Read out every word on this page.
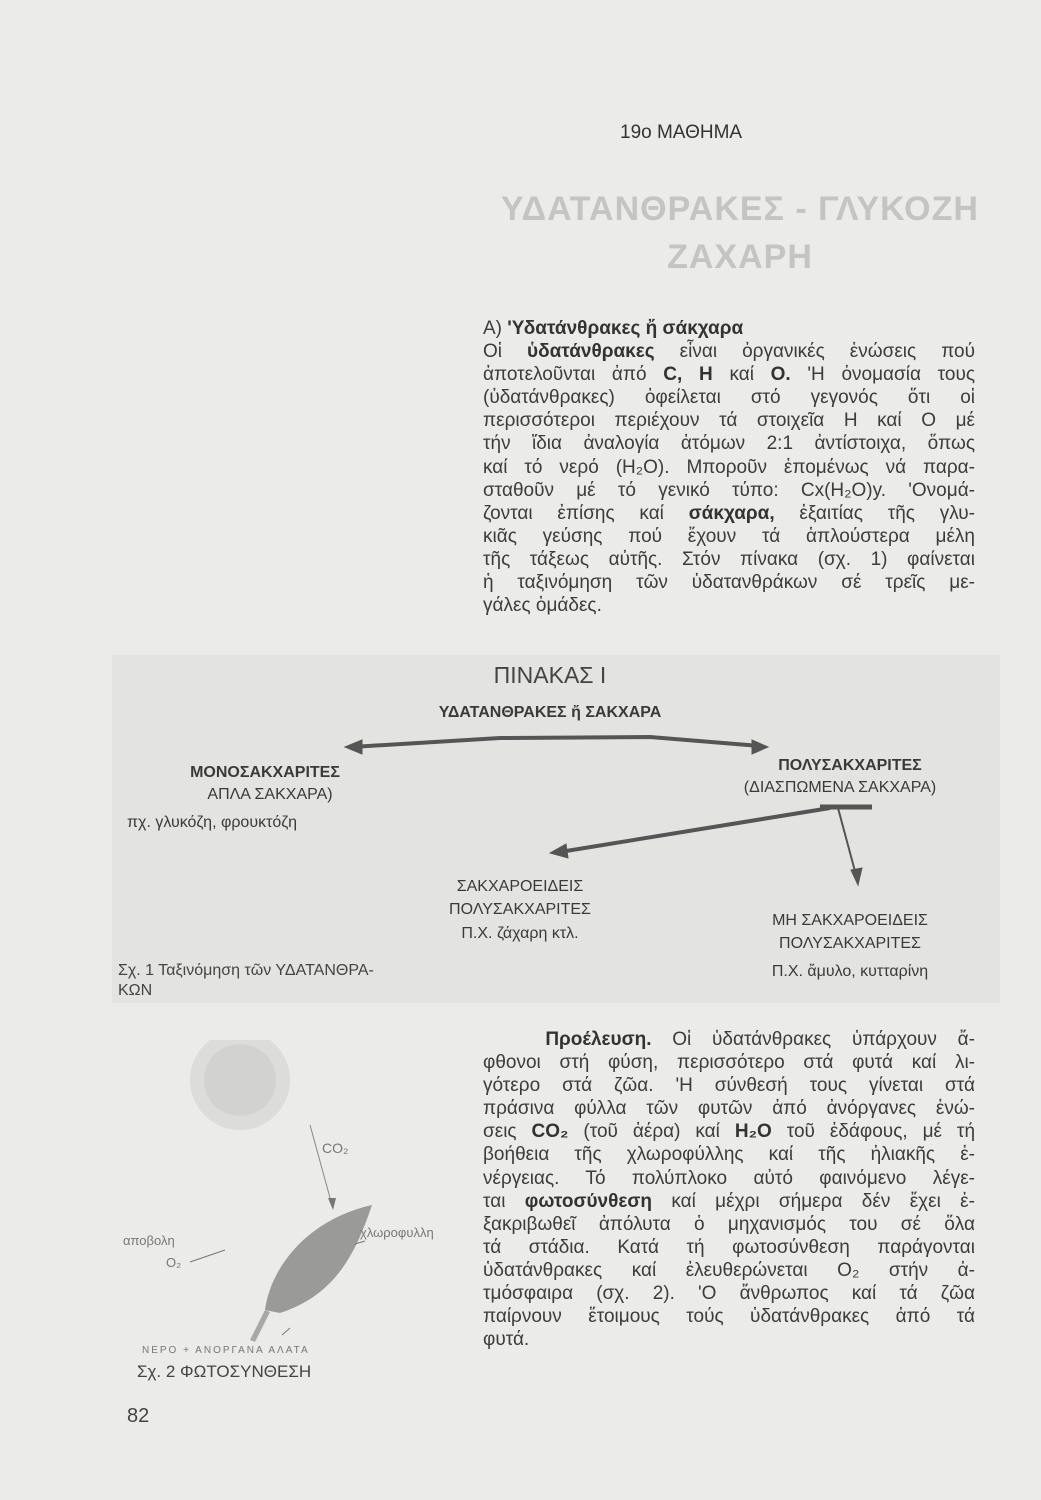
19ο ΜΑΘΗΜΑ
ΥΔΑΤΑΝΘΡΑΚΕΣ - ΓΛΥΚΟΖΗ
ΖΑΧΑΡΗ
Α) 'Υδατάνθρακες ἤ σάκχαρα
Οἱ ὑδατάνθρακες εἶναι ὀργανικές ἑνώσεις πού
ἀποτελοῦνται ἀπό C, H καί O. 'Η ὀνομασία τους
(ὑδατάνθρακες) ὀφείλεται στό γεγονός ὅτι οἱ
περισσότεροι περιέχουν τά στοιχεῖα Η καί Ο μέ
τήν ἴδια ἀναλογία ἀτόμων 2:1 ἀντίστοιχα, ὅπως
καί τό νερό (H₂O). Μποροῦν ἑπομένως νά παρα-
σταθοῦν μέ τό γενικό τύπο: Cx(H₂O)y. 'Ονομά-
ζονται ἐπίσης καί σάκχαρα, ἐξαιτίας τῆς γλυ-
κιᾶς γεύσης πού ἔχουν τά ἁπλούστερα μέλη
τῆς τάξεως αὐτῆς. Στόν πίνακα (σχ. 1) φαίνεται
ἡ ταξινόμηση τῶν ὑδατανθράκων σέ τρεῖς με-
γάλες ὁμάδες.
ΠΙΝΑΚΑΣ Ι
ΥΔΑΤΑΝΘΡΑΚΕΣ ἤ ΣΑΚΧΑΡΑ
ΜΟΝΟΣΑΚΧΑΡΙΤΕΣ
ΑΠΛΑ ΣΑΚΧΑΡΑ)
πχ. γλυκόζη, φρουκτόζη
ΠΟΛΥΣΑΚΧΑΡΙΤΕΣ
(ΔΙΑΣΠΩΜΕΝΑ ΣΑΚΧΑΡΑ)
ΣΑΚΧΑΡΟΕΙΔΕΙΣ
ΠΟΛΥΣΑΚΧΑΡΙΤΕΣ
Π.Χ. ζάχαρη κτλ.
ΜΗ ΣΑΚΧΑΡΟΕΙΔΕΙΣ
ΠΟΛΥΣΑΚΧΑΡΙΤΕΣ
Π.Χ. ἄμυλο, κυτταρίνη
Σχ. 1 Ταξινόμηση τῶν ΥΔΑΤΑΝΘΡΑ-
ΚΩΝ
Προέλευση. Οἱ ὑδατάνθρακες ὑπάρχουν ἄ-
φθονοι στή φύση, περισσότερο στά φυτά καί λι-
γότερο στά ζῶα. 'Η σύνθεσή τους γίνεται στά
πράσινα φύλλα τῶν φυτῶν ἀπό ἀνόργανες ἑνώ-
σεις CO₂ (τοῦ ἀέρα) καί H₂O τοῦ ἐδάφους, μέ τή
βοήθεια τῆς χλωροφύλλης καί τῆς ἡλιακῆς ἐ-
νέργειας. Τό πολύπλοκο αὐτό φαινόμενο λέγε-
ται φωτοσύνθεση καί μέχρι σήμερα δέν ἔχει ἐ-
ξακριβωθεῖ ἀπόλυτα ὁ μηχανισμός του σέ ὅλα
τά στάδια. Κατά τή φωτοσύνθεση παράγονται
ὑδατάνθρακες καί ἐλευθερώνεται O₂ στήν ἀ-
τμόσφαιρα (σχ. 2). 'Ο ἄνθρωπος καί τά ζῶα
παίρνουν ἕτοιμους τούς ὑδατάνθρακες ἀπό τά
φυτά.
CO₂
αποβολη
O₂
χλωροφυλλη
ΝΕΡΟ + ΑΝΟΡΓΑΝΑ ΑΛΑΤΑ
Σχ. 2 ΦΩΤΟΣΥΝΘΕΣΗ
82
